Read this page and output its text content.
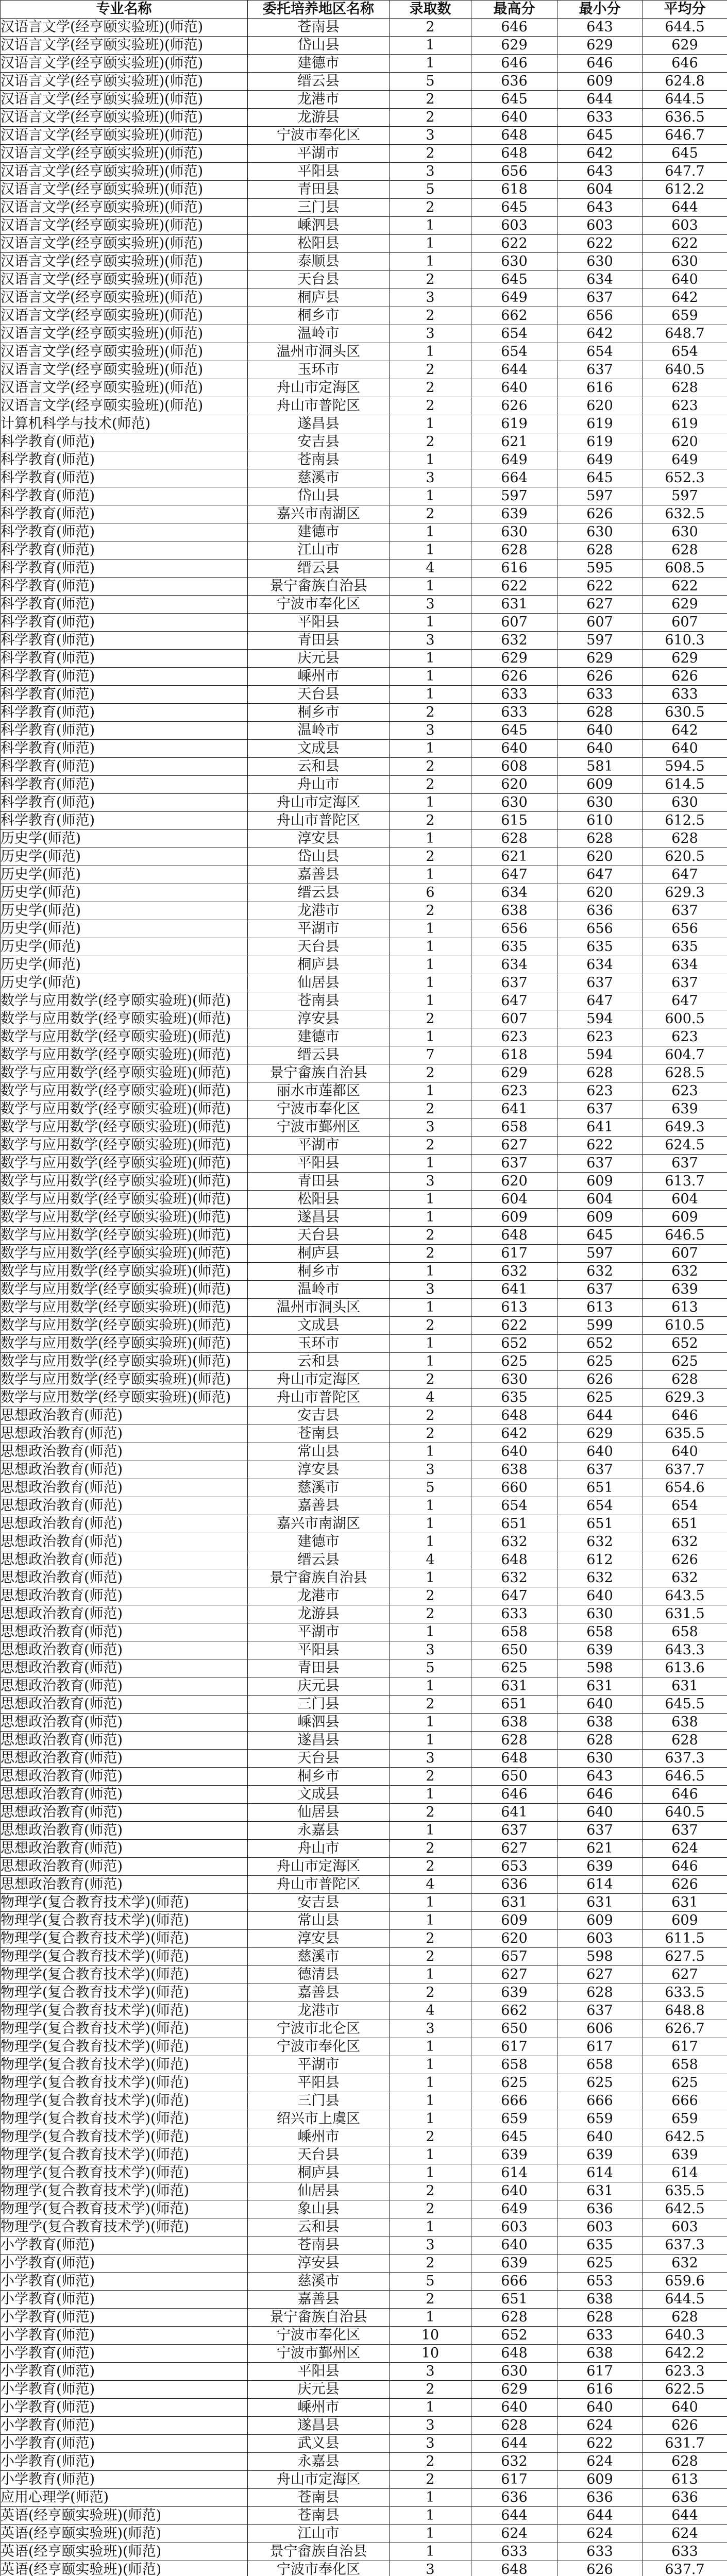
专业名称	委托培养地区名称	录取数	最高分	最小分	平均分
汉语言文学(经亨颐实验班)(师范)	苍南县	2	646	643	644.5
汉语言文学(经亨颐实验班)(师范)	岱山县	1	629	629	629
汉语言文学(经亨颐实验班)(师范)	建德市	1	646	646	646
汉语言文学(经亨颐实验班)(师范)	缙云县	5	636	609	624.8
汉语言文学(经亨颐实验班)(师范)	龙港市	2	645	644	644.5
汉语言文学(经亨颐实验班)(师范)	龙游县	2	640	633	636.5
汉语言文学(经亨颐实验班)(师范)	宁波市奉化区	3	648	645	646.7
汉语言文学(经亨颐实验班)(师范)	平湖市	2	648	642	645
汉语言文学(经亨颐实验班)(师范)	平阳县	3	656	643	647.7
汉语言文学(经亨颐实验班)(师范)	青田县	5	618	604	612.2
汉语言文学(经亨颐实验班)(师范)	三门县	2	645	643	644
汉语言文学(经亨颐实验班)(师范)	嵊泗县	1	603	603	603
汉语言文学(经亨颐实验班)(师范)	松阳县	1	622	622	622
汉语言文学(经亨颐实验班)(师范)	泰顺县	1	630	630	630
汉语言文学(经亨颐实验班)(师范)	天台县	2	645	634	640
汉语言文学(经亨颐实验班)(师范)	桐庐县	3	649	637	642
汉语言文学(经亨颐实验班)(师范)	桐乡市	2	662	656	659
汉语言文学(经亨颐实验班)(师范)	温岭市	3	654	642	648.7
汉语言文学(经亨颐实验班)(师范)	温州市洞头区	1	654	654	654
汉语言文学(经亨颐实验班)(师范)	玉环市	2	644	637	640.5
汉语言文学(经亨颐实验班)(师范)	舟山市定海区	2	640	616	628
汉语言文学(经亨颐实验班)(师范)	舟山市普陀区	2	626	620	623
计算机科学与技术(师范)	遂昌县	1	619	619	619
科学教育(师范)	安吉县	2	621	619	620
科学教育(师范)	苍南县	1	649	649	649
科学教育(师范)	慈溪市	3	664	645	652.3
科学教育(师范)	岱山县	1	597	597	597
科学教育(师范)	嘉兴市南湖区	2	639	626	632.5
科学教育(师范)	建德市	1	630	630	630
科学教育(师范)	江山市	1	628	628	628
科学教育(师范)	缙云县	4	616	595	608.5
科学教育(师范)	景宁畲族自治县	1	622	622	622
科学教育(师范)	宁波市奉化区	3	631	627	629
科学教育(师范)	平阳县	1	607	607	607
科学教育(师范)	青田县	3	632	597	610.3
科学教育(师范)	庆元县	1	629	629	629
科学教育(师范)	嵊州市	1	626	626	626
科学教育(师范)	天台县	1	633	633	633
科学教育(师范)	桐乡市	2	633	628	630.5
科学教育(师范)	温岭市	3	645	640	642
科学教育(师范)	文成县	1	640	640	640
科学教育(师范)	云和县	2	608	581	594.5
科学教育(师范)	舟山市	2	620	609	614.5
科学教育(师范)	舟山市定海区	1	630	630	630
科学教育(师范)	舟山市普陀区	2	615	610	612.5
历史学(师范)	淳安县	1	628	628	628
历史学(师范)	岱山县	2	621	620	620.5
历史学(师范)	嘉善县	1	647	647	647
历史学(师范)	缙云县	6	634	620	629.3
历史学(师范)	龙港市	2	638	636	637
历史学(师范)	平湖市	1	656	656	656
历史学(师范)	天台县	1	635	635	635
历史学(师范)	桐庐县	1	634	634	634
历史学(师范)	仙居县	1	637	637	637
数学与应用数学(经亨颐实验班)(师范)	苍南县	1	647	647	647
数学与应用数学(经亨颐实验班)(师范)	淳安县	2	607	594	600.5
数学与应用数学(经亨颐实验班)(师范)	建德市	1	623	623	623
数学与应用数学(经亨颐实验班)(师范)	缙云县	7	618	594	604.7
数学与应用数学(经亨颐实验班)(师范)	景宁畲族自治县	2	629	628	628.5
数学与应用数学(经亨颐实验班)(师范)	丽水市莲都区	1	623	623	623
数学与应用数学(经亨颐实验班)(师范)	宁波市奉化区	2	641	637	639
数学与应用数学(经亨颐实验班)(师范)	宁波市鄞州区	3	658	641	649.3
数学与应用数学(经亨颐实验班)(师范)	平湖市	2	627	622	624.5
数学与应用数学(经亨颐实验班)(师范)	平阳县	1	637	637	637
数学与应用数学(经亨颐实验班)(师范)	青田县	3	620	609	613.7
数学与应用数学(经亨颐实验班)(师范)	松阳县	1	604	604	604
数学与应用数学(经亨颐实验班)(师范)	遂昌县	1	609	609	609
数学与应用数学(经亨颐实验班)(师范)	天台县	2	648	645	646.5
数学与应用数学(经亨颐实验班)(师范)	桐庐县	2	617	597	607
数学与应用数学(经亨颐实验班)(师范)	桐乡市	1	632	632	632
数学与应用数学(经亨颐实验班)(师范)	温岭市	3	641	637	639
数学与应用数学(经亨颐实验班)(师范)	温州市洞头区	1	613	613	613
数学与应用数学(经亨颐实验班)(师范)	文成县	2	622	599	610.5
数学与应用数学(经亨颐实验班)(师范)	玉环市	1	652	652	652
数学与应用数学(经亨颐实验班)(师范)	云和县	1	625	625	625
数学与应用数学(经亨颐实验班)(师范)	舟山市定海区	2	630	626	628
数学与应用数学(经亨颐实验班)(师范)	舟山市普陀区	4	635	625	629.3
思想政治教育(师范)	安吉县	2	648	644	646
思想政治教育(师范)	苍南县	2	642	629	635.5
思想政治教育(师范)	常山县	1	640	640	640
思想政治教育(师范)	淳安县	3	638	637	637.7
思想政治教育(师范)	慈溪市	5	660	651	654.6
思想政治教育(师范)	嘉善县	1	654	654	654
思想政治教育(师范)	嘉兴市南湖区	1	651	651	651
思想政治教育(师范)	建德市	1	632	632	632
思想政治教育(师范)	缙云县	4	648	612	626
思想政治教育(师范)	景宁畲族自治县	1	632	632	632
思想政治教育(师范)	龙港市	2	647	640	643.5
思想政治教育(师范)	龙游县	2	633	630	631.5
思想政治教育(师范)	平湖市	1	658	658	658
思想政治教育(师范)	平阳县	3	650	639	643.3
思想政治教育(师范)	青田县	5	625	598	613.6
思想政治教育(师范)	庆元县	1	631	631	631
思想政治教育(师范)	三门县	2	651	640	645.5
思想政治教育(师范)	嵊泗县	1	638	638	638
思想政治教育(师范)	遂昌县	1	628	628	628
思想政治教育(师范)	天台县	3	648	630	637.3
思想政治教育(师范)	桐乡市	2	650	643	646.5
思想政治教育(师范)	文成县	1	646	646	646
思想政治教育(师范)	仙居县	2	641	640	640.5
思想政治教育(师范)	永嘉县	1	637	637	637
思想政治教育(师范)	舟山市	2	627	621	624
思想政治教育(师范)	舟山市定海区	2	653	639	646
思想政治教育(师范)	舟山市普陀区	4	636	614	626
物理学(复合教育技术学)(师范)	安吉县	1	631	631	631
物理学(复合教育技术学)(师范)	常山县	1	609	609	609
物理学(复合教育技术学)(师范)	淳安县	2	620	603	611.5
物理学(复合教育技术学)(师范)	慈溪市	2	657	598	627.5
物理学(复合教育技术学)(师范)	德清县	1	627	627	627
物理学(复合教育技术学)(师范)	嘉善县	2	639	628	633.5
物理学(复合教育技术学)(师范)	龙港市	4	662	637	648.8
物理学(复合教育技术学)(师范)	宁波市北仑区	3	650	606	626.7
物理学(复合教育技术学)(师范)	宁波市奉化区	1	617	617	617
物理学(复合教育技术学)(师范)	平湖市	1	658	658	658
物理学(复合教育技术学)(师范)	平阳县	1	625	625	625
物理学(复合教育技术学)(师范)	三门县	1	666	666	666
物理学(复合教育技术学)(师范)	绍兴市上虞区	1	659	659	659
物理学(复合教育技术学)(师范)	嵊州市	2	645	640	642.5
物理学(复合教育技术学)(师范)	天台县	1	639	639	639
物理学(复合教育技术学)(师范)	桐庐县	1	614	614	614
物理学(复合教育技术学)(师范)	仙居县	2	640	631	635.5
物理学(复合教育技术学)(师范)	象山县	2	649	636	642.5
物理学(复合教育技术学)(师范)	云和县	1	603	603	603
小学教育(师范)	苍南县	3	640	635	637.3
小学教育(师范)	淳安县	2	639	625	632
小学教育(师范)	慈溪市	5	666	653	659.6
小学教育(师范)	嘉善县	2	651	638	644.5
小学教育(师范)	景宁畲族自治县	1	628	628	628
小学教育(师范)	宁波市奉化区	10	652	633	640.3
小学教育(师范)	宁波市鄞州区	10	648	638	642.2
小学教育(师范)	平阳县	3	630	617	623.3
小学教育(师范)	庆元县	2	629	616	622.5
小学教育(师范)	嵊州市	1	640	640	640
小学教育(师范)	遂昌县	3	628	624	626
小学教育(师范)	武义县	3	644	622	631.7
小学教育(师范)	永嘉县	2	632	624	628
小学教育(师范)	舟山市定海区	2	617	609	613
应用心理学(师范)	苍南县	1	636	636	636
英语(经亨颐实验班)(师范)	苍南县	1	644	644	644
英语(经亨颐实验班)(师范)	江山市	1	624	624	624
英语(经亨颐实验班)(师范)	景宁畲族自治县	1	633	633	633
英语(经亨颐实验班)(师范)	宁波市奉化区	3	648	626	637.7
